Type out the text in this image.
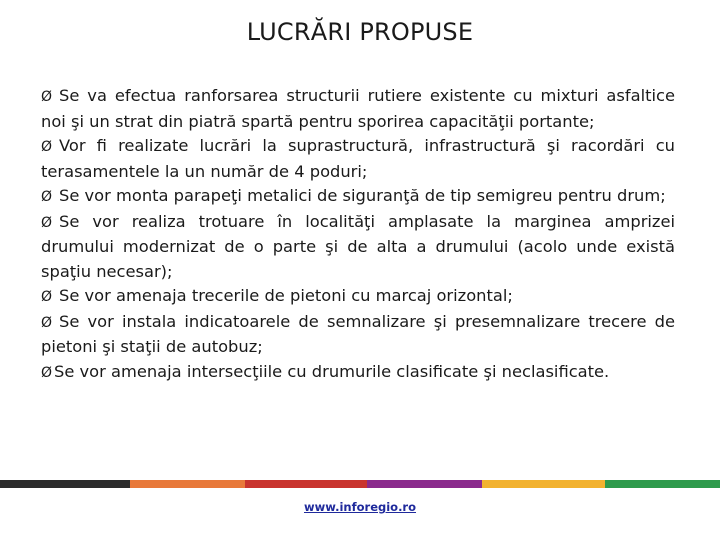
LUCRĂRI PROPUSE

Ø Se va efectua ranforsarea structurii rutiere existente cu mixturi asfaltice noi şi un strat din piatră spartă pentru sporirea capacităţii portante;

Ø Vor fi realizate lucrări la suprastructură, infrastructură şi racordări cu terasamentele la un număr de 4 poduri;

Ø Se vor monta parapeţi metalici de siguranţă de tip semigreu pentru drum;

Ø Se vor realiza trotuare în localităţi amplasate la marginea amprizei drumului modernizat de o parte şi de alta a drumului (acolo unde există spaţiu necesar);

Ø Se vor amenaja trecerile de pietoni cu marcaj orizontal;

Ø Se vor instala indicatoarele de semnalizare şi presemnalizare trecere de pietoni şi staţii de autobuz;

Ø Se vor amenaja intersecţiile cu drumurile clasificate şi neclasificate.

www.inforegio.ro
